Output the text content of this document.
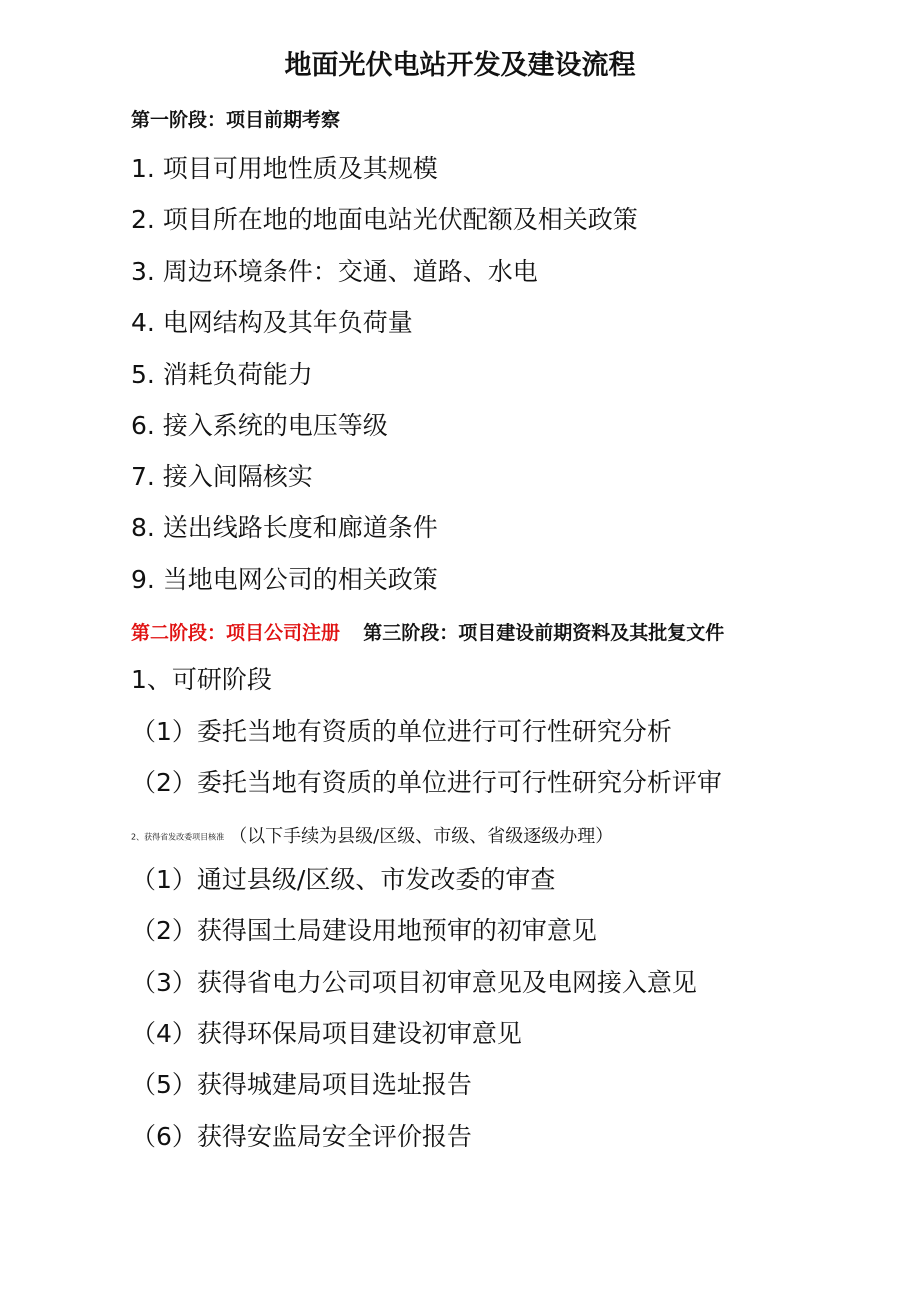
地面光伏电站开发及建设流程
第一阶段：项目前期考察
1. 项目可用地性质及其规模
2. 项目所在地的地面电站光伏配额及相关政策
3. 周边环境条件：交通、道路、水电
4. 电网结构及其年负荷量
5. 消耗负荷能力
6. 接入系统的电压等级
7. 接入间隔核实
8. 送出线路长度和廊道条件
9. 当地电网公司的相关政策
第二阶段：项目公司注册 第三阶段：项目建设前期资料及其批复文件
1、可研阶段
（1）委托当地有资质的单位进行可行性研究分析
（2）委托当地有资质的单位进行可行性研究分析评审
2、获得省发改委项目核准 （以下手续为县级/区级、市级、省级逐级办理）
（1）通过县级/区级、市发改委的审查
（2）获得国土局建设用地预审的初审意见
（3）获得省电力公司项目初审意见及电网接入意见
（4）获得环保局项目建设初审意见
（5）获得城建局项目选址报告
（6）获得安监局安全评价报告
